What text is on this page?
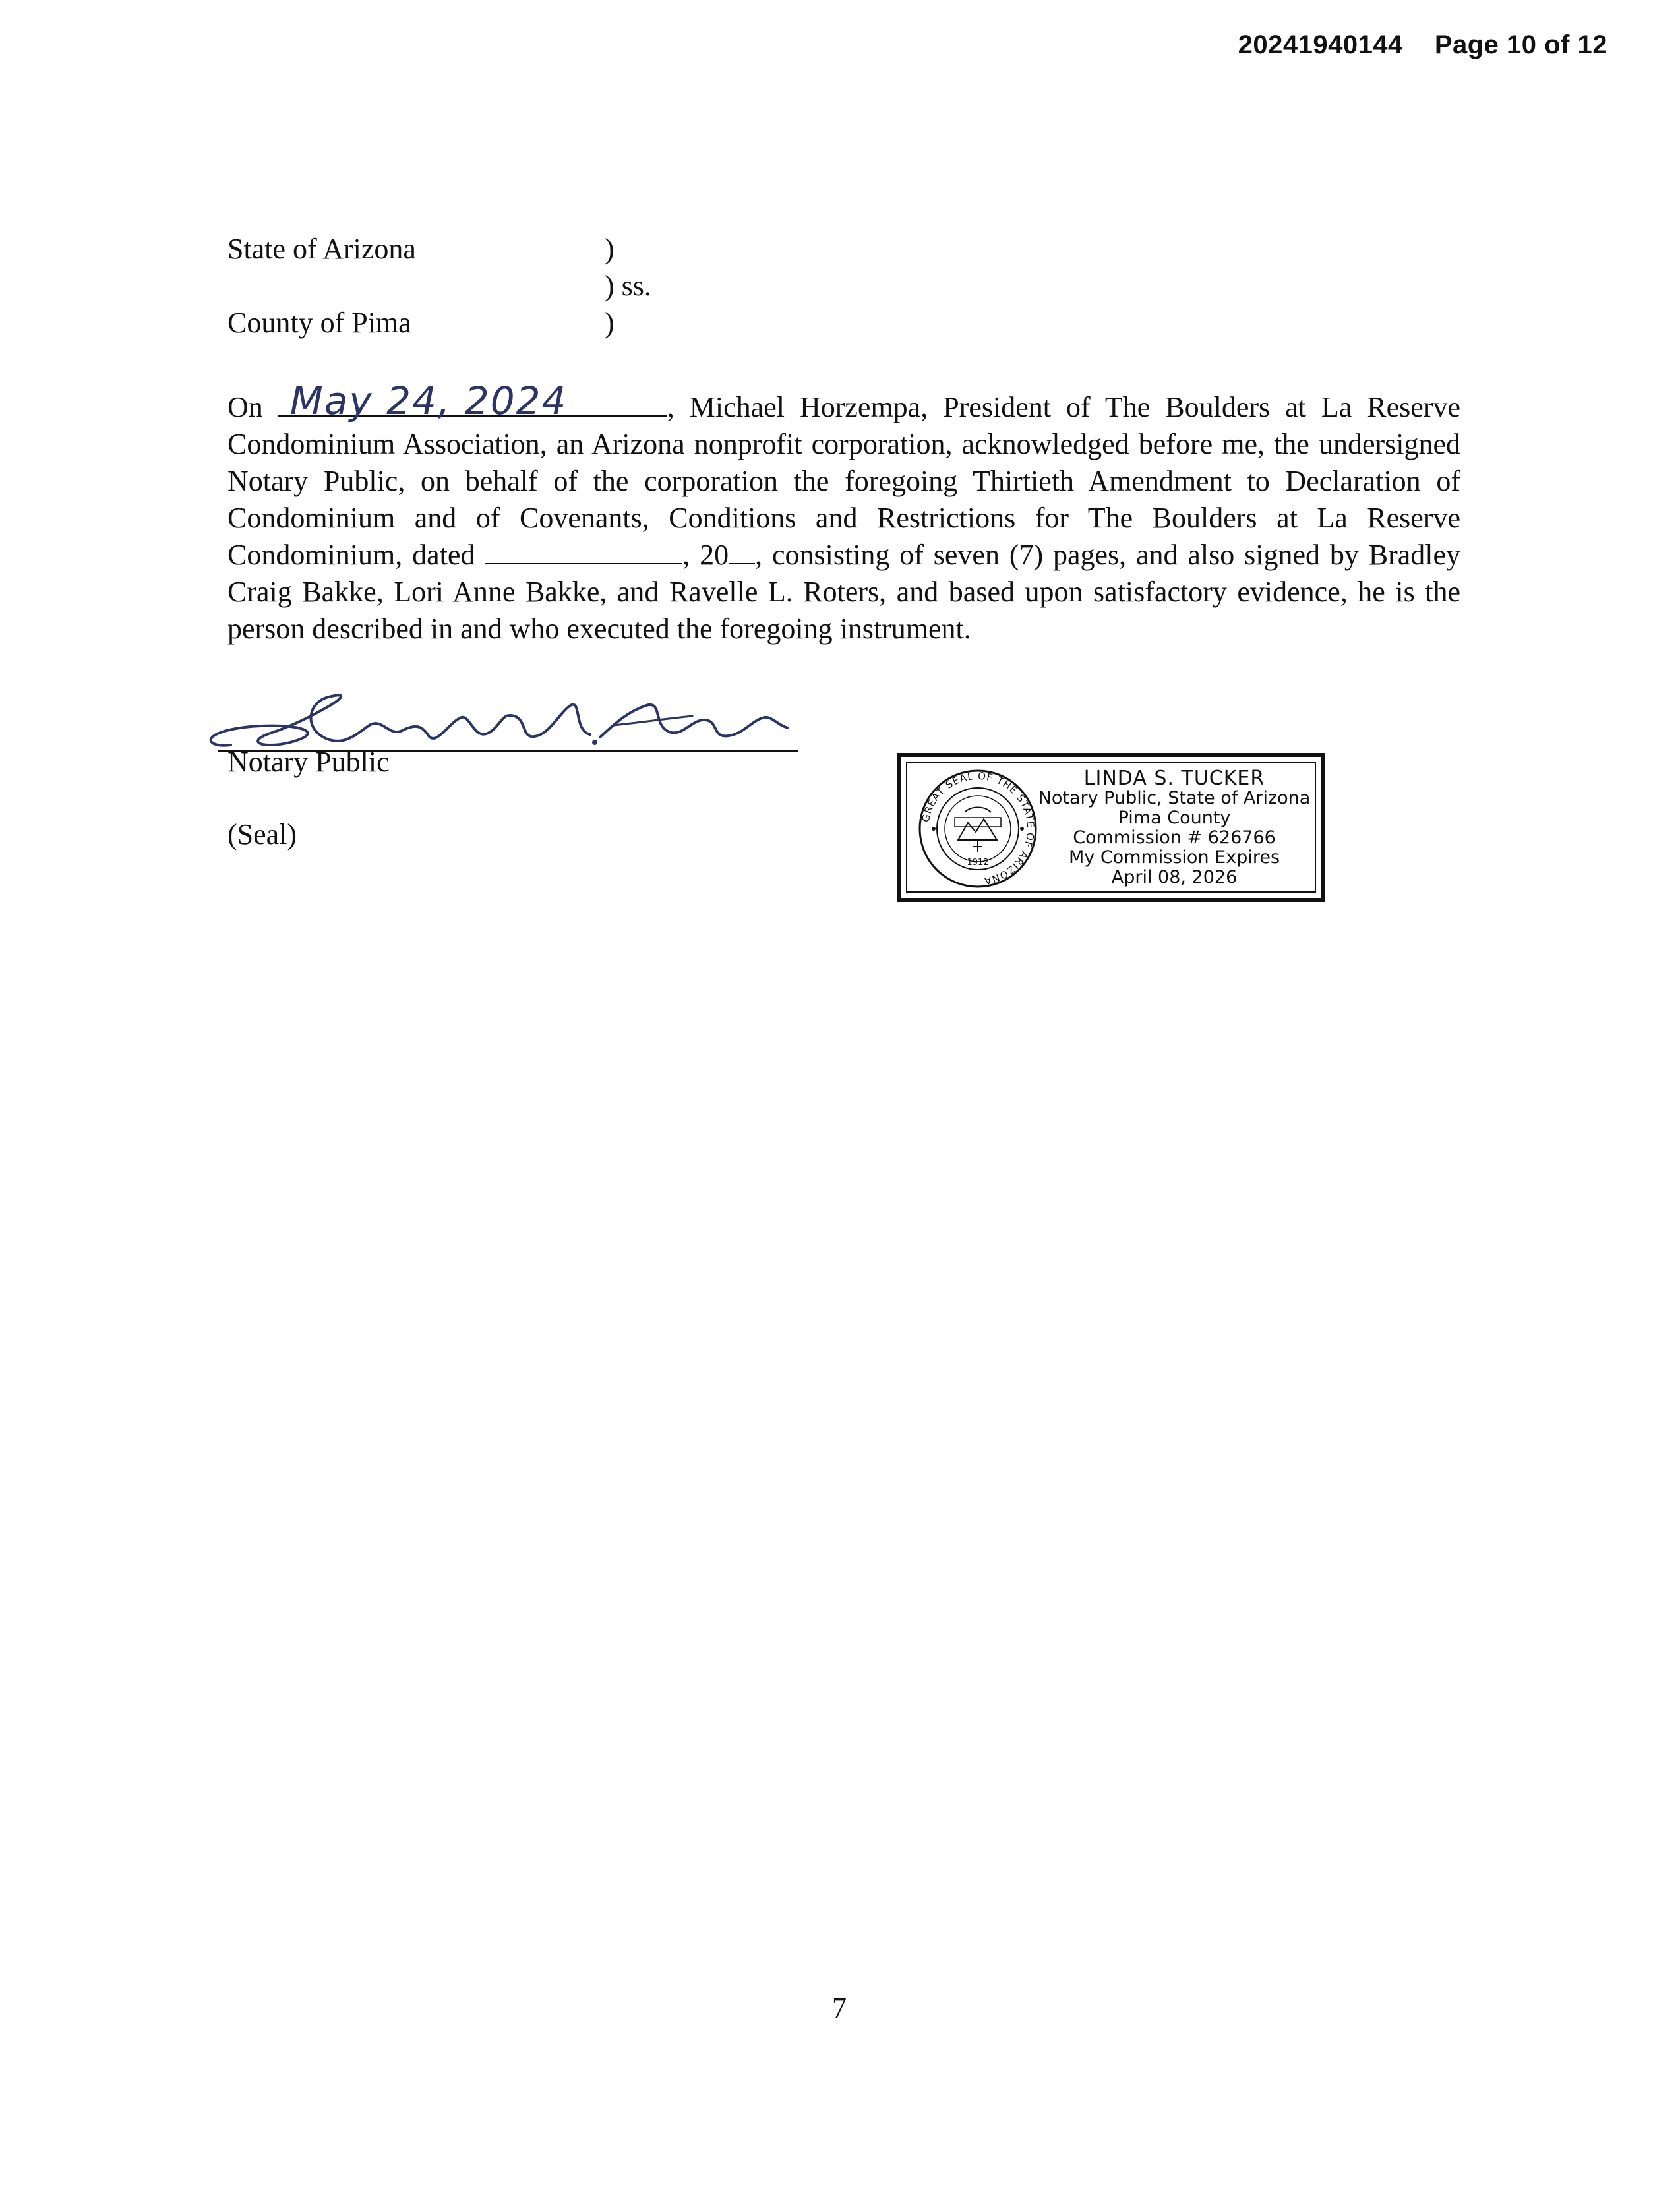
20241940144 Page 10 of 12
State of Arizona	)
) ss.
County of Pima	)
On May 24, 2024	, Michael Horzempa, President of The Boulders at La Reserve Condominium Association, an Arizona nonprofit corporation, acknowledged before me, the undersigned Notary Public, on behalf of the corporation the foregoing Thirtieth Amendment to Declaration of Condominium and of Covenants, Conditions and Restrictions for The Boulders at La Reserve Condominium, dated	, 20 , consisting of seven (7) pages, and also signed by Bradley Craig Bakke, Lori Anne Bakke, and Ravelle L. Roters, and based upon satisfactory evidence, he is the person described in and who executed the foregoing instrument.
Notary Public
(Seal)
GREAT SEAL OF THE STATE OF ARIZONA
1912
LINDA S. TUCKER
Notary Public, State of Arizona
Pima County
Commission # 626766
My Commission Expires
April 08, 2026
7
